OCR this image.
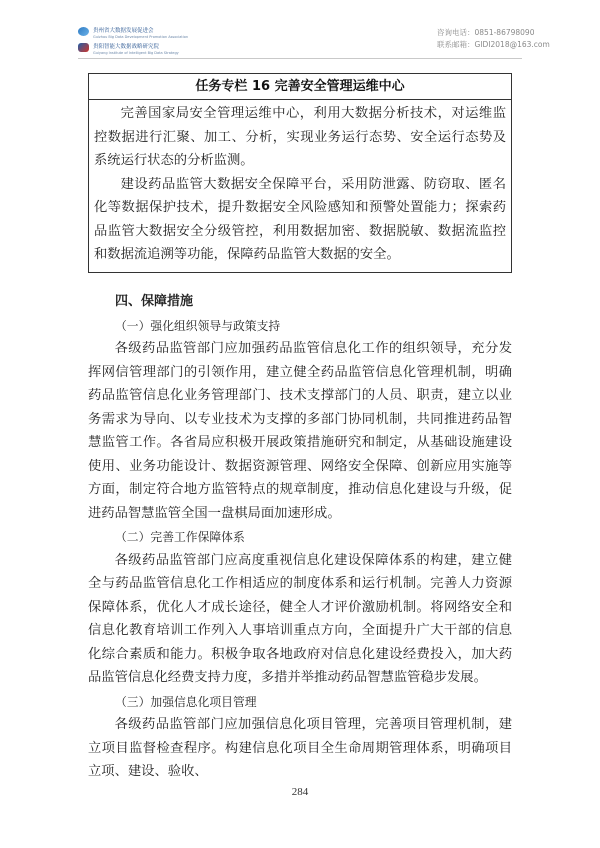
贵州省大数据发展促进会
Guizhou Big Data Development Promotion Association
贵阳智能大数据战略研究院
Guiyang Institute of Intelligent Big Data Strategy
咨询电话：0851-86798090
联系邮箱：GIDI2018@163.com
任务专栏 16 完善安全管理运维中心

完善国家局安全管理运维中心，利用大数据分析技术，对运维监控数据进行汇聚、加工、分析，实现业务运行态势、安全运行态势及系统运行状态的分析监测。

建设药品监管大数据安全保障平台，采用防泄露、防窃取、匿名化等数据保护技术，提升数据安全风险感知和预警处置能力；探索药品监管大数据安全分级管控，利用数据加密、数据脱敏、数据流监控和数据流追溯等功能，保障药品监管大数据的安全。

四、保障措施

（一）强化组织领导与政策支持

各级药品监管部门应加强药品监管信息化工作的组织领导，充分发挥网信管理部门的引领作用，建立健全药品监管信息化管理机制，明确药品监管信息化业务管理部门、技术支撑部门的人员、职责，建立以业务需求为导向、以专业技术为支撑的多部门协同机制，共同推进药品智慧监管工作。各省局应积极开展政策措施研究和制定，从基础设施建设使用、业务功能设计、数据资源管理、网络安全保障、创新应用实施等方面，制定符合地方监管特点的规章制度，推动信息化建设与升级，促进药品智慧监管全国一盘棋局面加速形成。

（二）完善工作保障体系

各级药品监管部门应高度重视信息化建设保障体系的构建，建立健全与药品监管信息化工作相适应的制度体系和运行机制。完善人力资源保障体系，优化人才成长途径，健全人才评价激励机制。将网络安全和信息化教育培训工作列入人事培训重点方向，全面提升广大干部的信息化综合素质和能力。积极争取各地政府对信息化建设经费投入，加大药品监管信息化经费支持力度，多措并举推动药品智慧监管稳步发展。

（三）加强信息化项目管理

各级药品监管部门应加强信息化项目管理，完善项目管理机制，建立项目监督检查程序。构建信息化项目全生命周期管理体系，明确项目立项、建设、验收、

284
